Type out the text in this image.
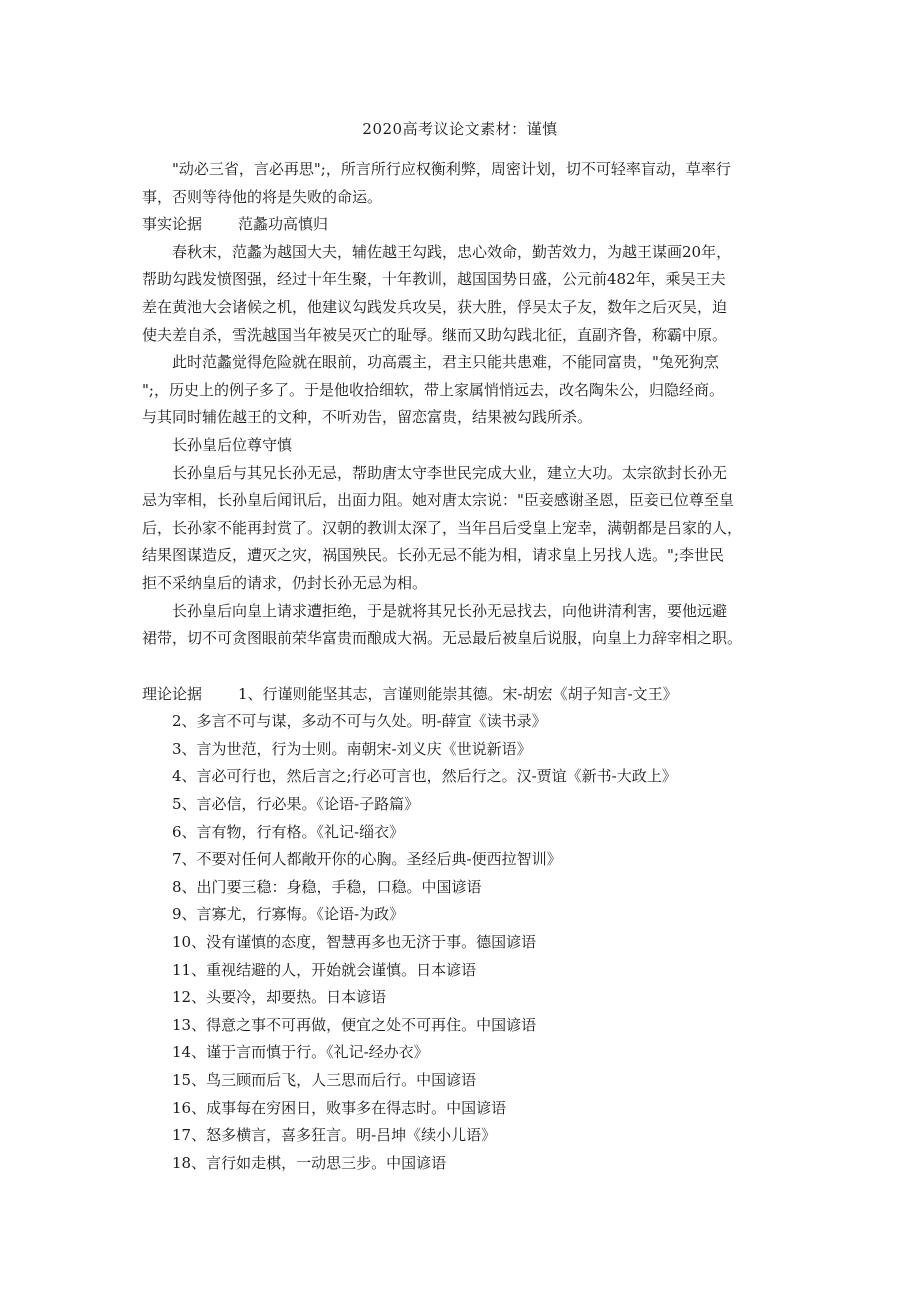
2020高考议论文素材：谨慎
"动必三省，言必再思";，所言所行应权衡利弊，周密计划，切不可轻率盲动，草率行
事，否则等待他的将是失败的命运。
事实论据 范蠡功高慎归
春秋末，范蠡为越国大夫，辅佐越王勾践，忠心效命，勤苦效力，为越王谋画20年，
帮助勾践发愤图强，经过十年生聚，十年教训，越国国势日盛，公元前482年，乘吴王夫
差在黄池大会诸候之机，他建议勾践发兵攻吴，获大胜，俘吴太子友，数年之后灭吴，迫
使夫差自杀，雪洗越国当年被吴灭亡的耻辱。继而又助勾践北征，直副齐鲁，称霸中原。
此时范蠡觉得危险就在眼前，功高震主，君主只能共患难，不能同富贵，"兔死狗烹
";，历史上的例子多了。于是他收拾细软，带上家属悄悄远去，改名陶朱公，归隐经商。
与其同时辅佐越王的文种，不听劝告，留恋富贵，结果被勾践所杀。
长孙皇后位尊守慎
长孙皇后与其兄长孙无忌，帮助唐太守李世民完成大业，建立大功。太宗欲封长孙无
忌为宰相，长孙皇后闻讯后，出面力阻。她对唐太宗说："臣妾感谢圣恩，臣妾已位尊至皇
后，长孙家不能再封赏了。汉朝的教训太深了，当年吕后受皇上宠幸，满朝都是吕家的人，
结果图谋造反，遭灭之灾，祸国殃民。长孙无忌不能为相，请求皇上另找人选。";李世民
拒不采纳皇后的请求，仍封长孙无忌为相。
长孙皇后向皇上请求遭拒绝，于是就将其兄长孙无忌找去，向他讲清利害，要他远避
裙带，切不可贪图眼前荣华富贵而酿成大祸。无忌最后被皇后说服，向皇上力辞宰相之职。
理论论据 1、行谨则能坚其志，言谨则能崇其德。宋-胡宏《胡子知言-文王》
2、多言不可与谋，多动不可与久处。明-薛宣《读书录》
3、言为世范，行为士则。南朝宋-刘义庆《世说新语》
4、言必可行也，然后言之;行必可言也，然后行之。汉-贾谊《新书-大政上》
5、言必信，行必果。《论语-子路篇》
6、言有物，行有格。《礼记-缁衣》
7、不要对任何人都敞开你的心胸。圣经后典-便西拉智训》
8、出门要三稳：身稳，手稳，口稳。中国谚语
9、言寡尤，行寡悔。《论语-为政》
10、没有谨慎的态度，智慧再多也无济于事。德国谚语
11、重视结避的人，开始就会谨慎。日本谚语
12、头要冷，却要热。日本谚语
13、得意之事不可再做，便宜之处不可再住。中国谚语
14、谨于言而慎于行。《礼记-经办衣》
15、鸟三顾而后飞，人三思而后行。中国谚语
16、成事每在穷困日，败事多在得志时。中国谚语
17、怒多横言，喜多狂言。明-吕坤《续小儿语》
18、言行如走棋，一动思三步。中国谚语
